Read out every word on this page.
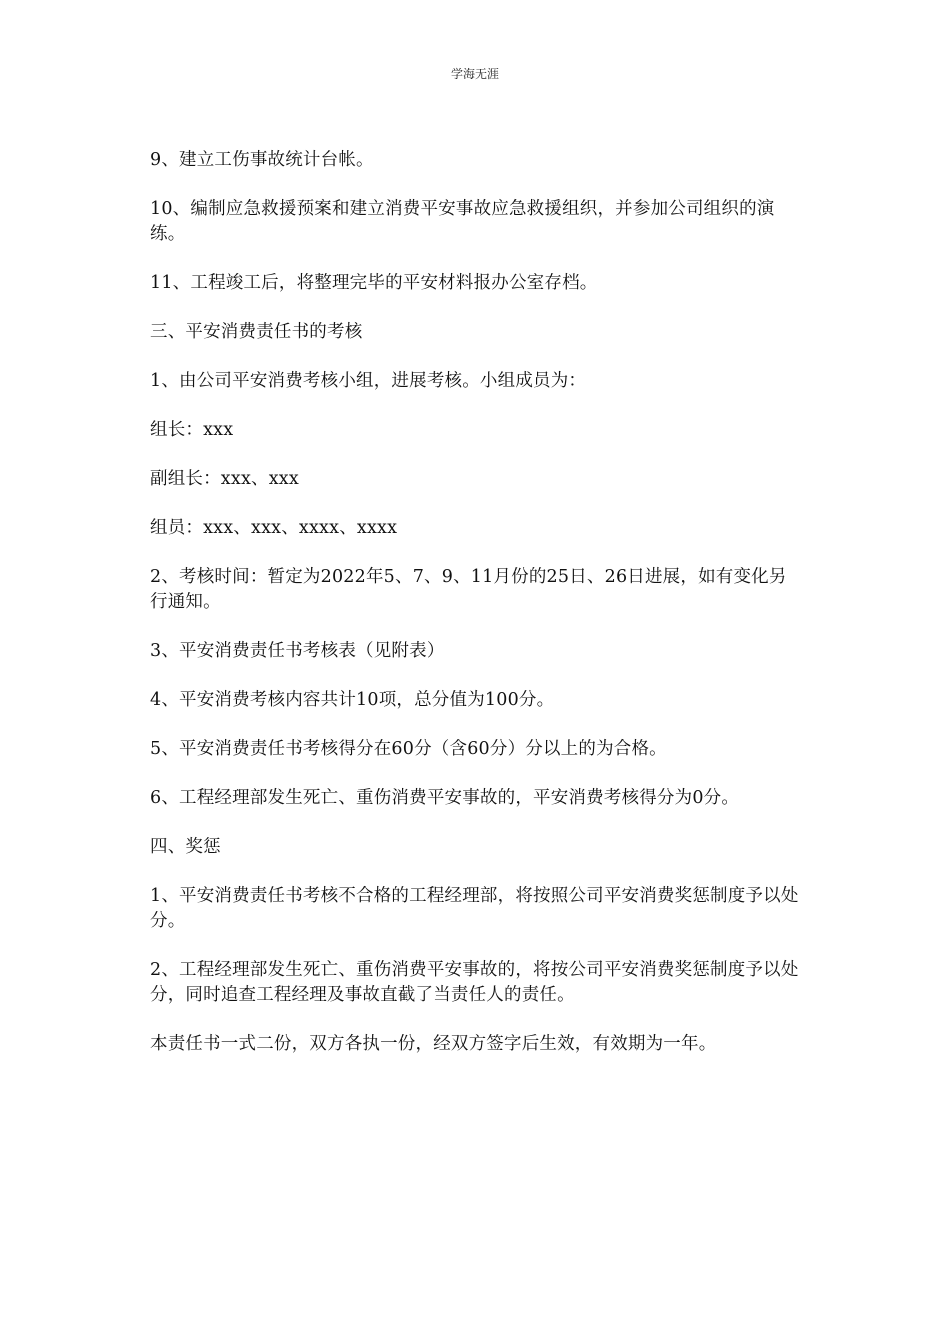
学海无涯

9、建立工伤事故统计台帐。

10、编制应急救援预案和建立消费平安事故应急救援组织，并参加公司组织的演练。

11、工程竣工后，将整理完毕的平安材料报办公室存档。

三、平安消费责任书的考核

1、由公司平安消费考核小组，进展考核。小组成员为：

组长：xxx

副组长：xxx、xxx

组员：xxx、xxx、xxxx、xxxx

2、考核时间：暂定为2022年5、7、9、11月份的25日、26日进展，如有变化另行通知。

3、平安消费责任书考核表（见附表）

4、平安消费考核内容共计10项，总分值为100分。

5、平安消费责任书考核得分在60分（含60分）分以上的为合格。

6、工程经理部发生死亡、重伤消费平安事故的，平安消费考核得分为0分。

四、奖惩

1、平安消费责任书考核不合格的工程经理部，将按照公司平安消费奖惩制度予以处分。

2、工程经理部发生死亡、重伤消费平安事故的，将按公司平安消费奖惩制度予以处分，同时追查工程经理及事故直截了当责任人的责任。

本责任书一式二份，双方各执一份，经双方签字后生效，有效期为一年。
